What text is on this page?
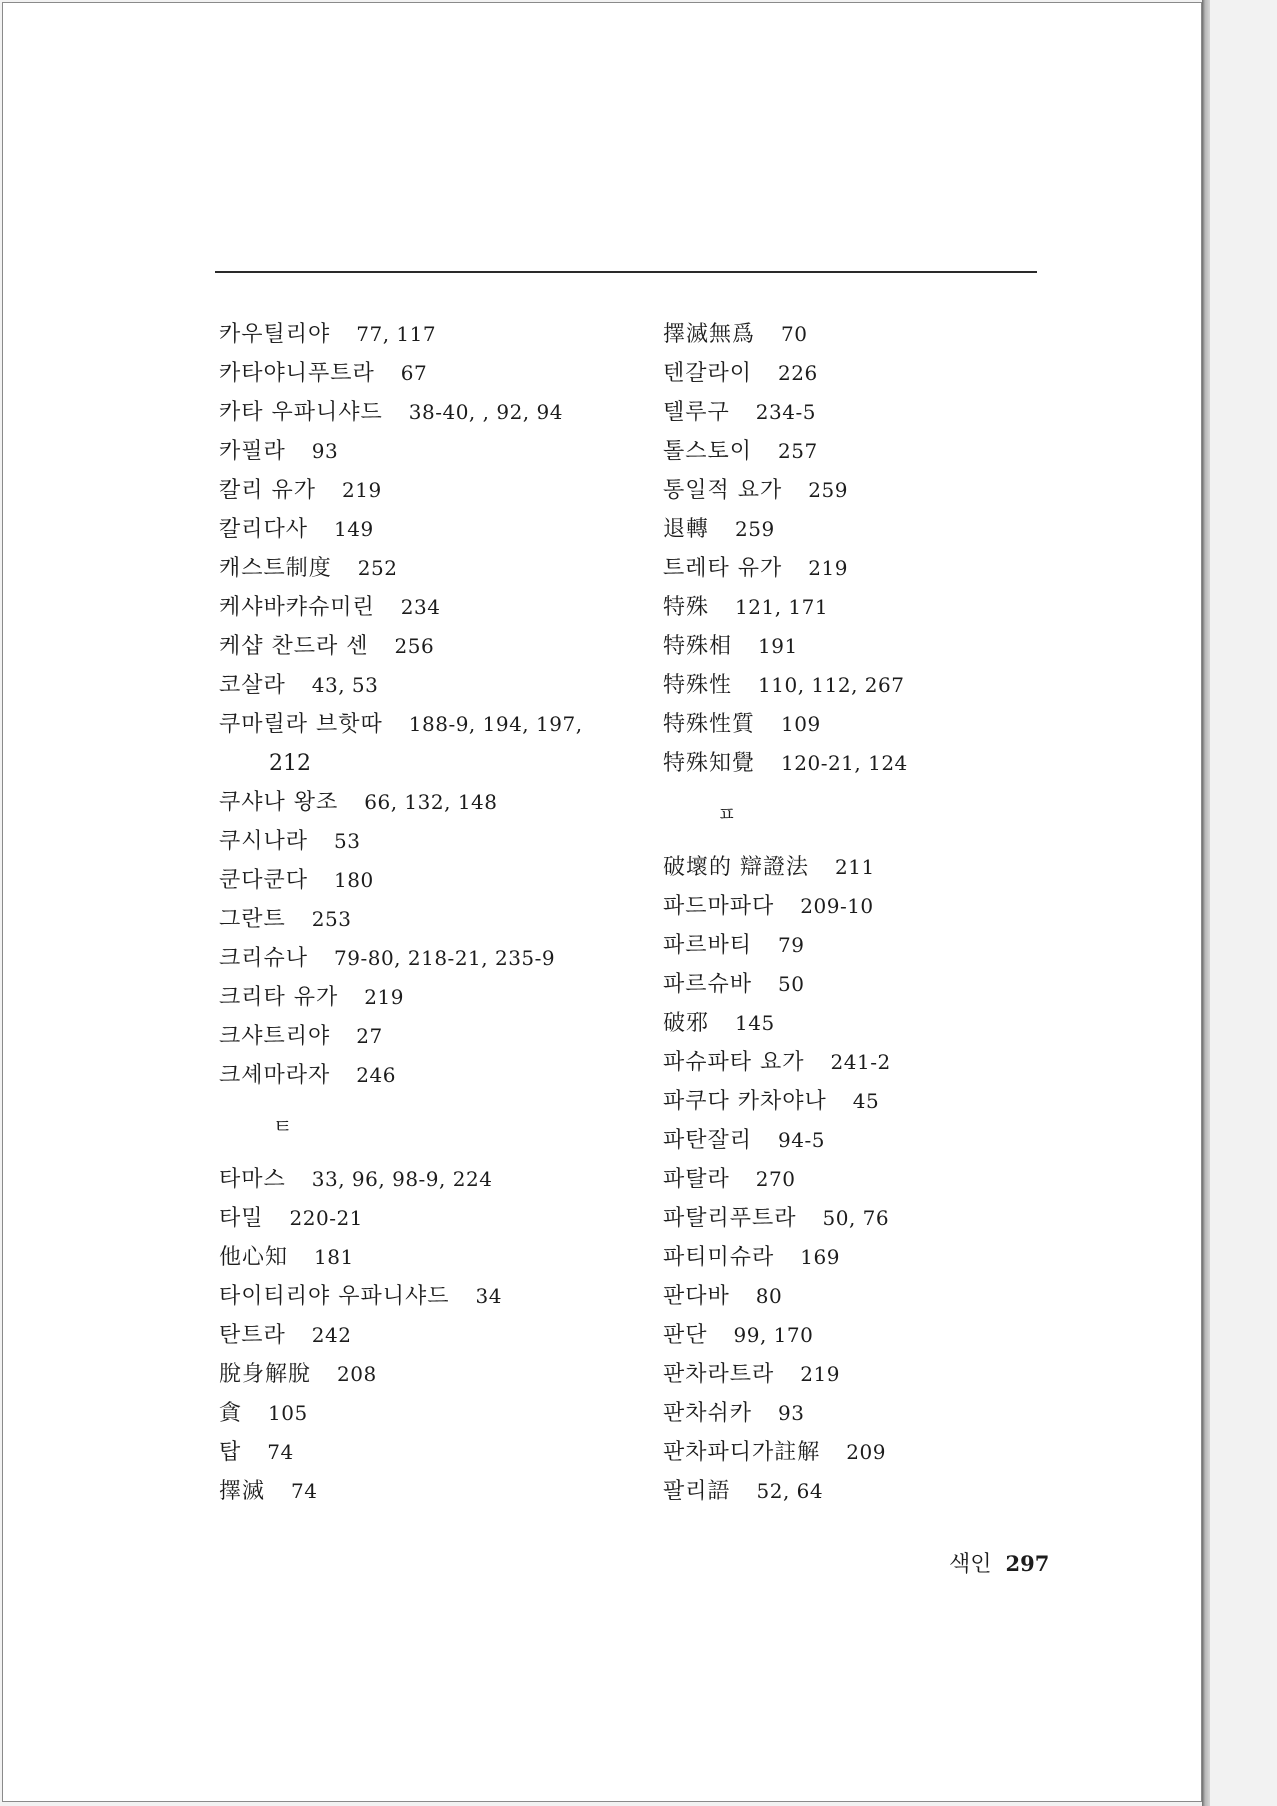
카우틸리야 77, 117
카타야니푸트라 67
카타 우파니샤드 38-40, , 92, 94
카필라 93
칼리 유가 219
칼리다사 149
캐스트制度 252
케샤바캬슈미린 234
케샵 찬드라 센 256
코살라 43, 53
쿠마릴라 브핫따 188-9, 194, 197,
212
쿠샤나 왕조 66, 132, 148
쿠시나라 53
쿤다쿤다 180
그란트 253
크리슈나 79-80, 218-21, 235-9
크리타 유가 219
크샤트리야 27
크셰마라자 246
ㅌ
타마스 33, 96, 98-9, 224
타밀 220-21
他心知 181
타이티리야 우파니샤드 34
탄트라 242
脫身解脫 208
貪 105
탑 74
擇滅 74
擇滅無爲 70
텐갈라이 226
텔루구 234-5
톨스토이 257
통일적 요가 259
退轉 259
트레타 유가 219
特殊 121, 171
特殊相 191
特殊性 110, 112, 267
特殊性質 109
特殊知覺 120-21, 124
ㅍ
破壞的 辯證法 211
파드마파다 209-10
파르바티 79
파르슈바 50
破邪 145
파슈파타 요가 241-2
파쿠다 카차야나 45
파탄잘리 94-5
파탈라 270
파탈리푸트라 50, 76
파티미슈라 169
판다바 80
판단 99, 170
판차라트라 219
판차쉬카 93
판차파디가註解 209
팔리語 52, 64
색인 297
